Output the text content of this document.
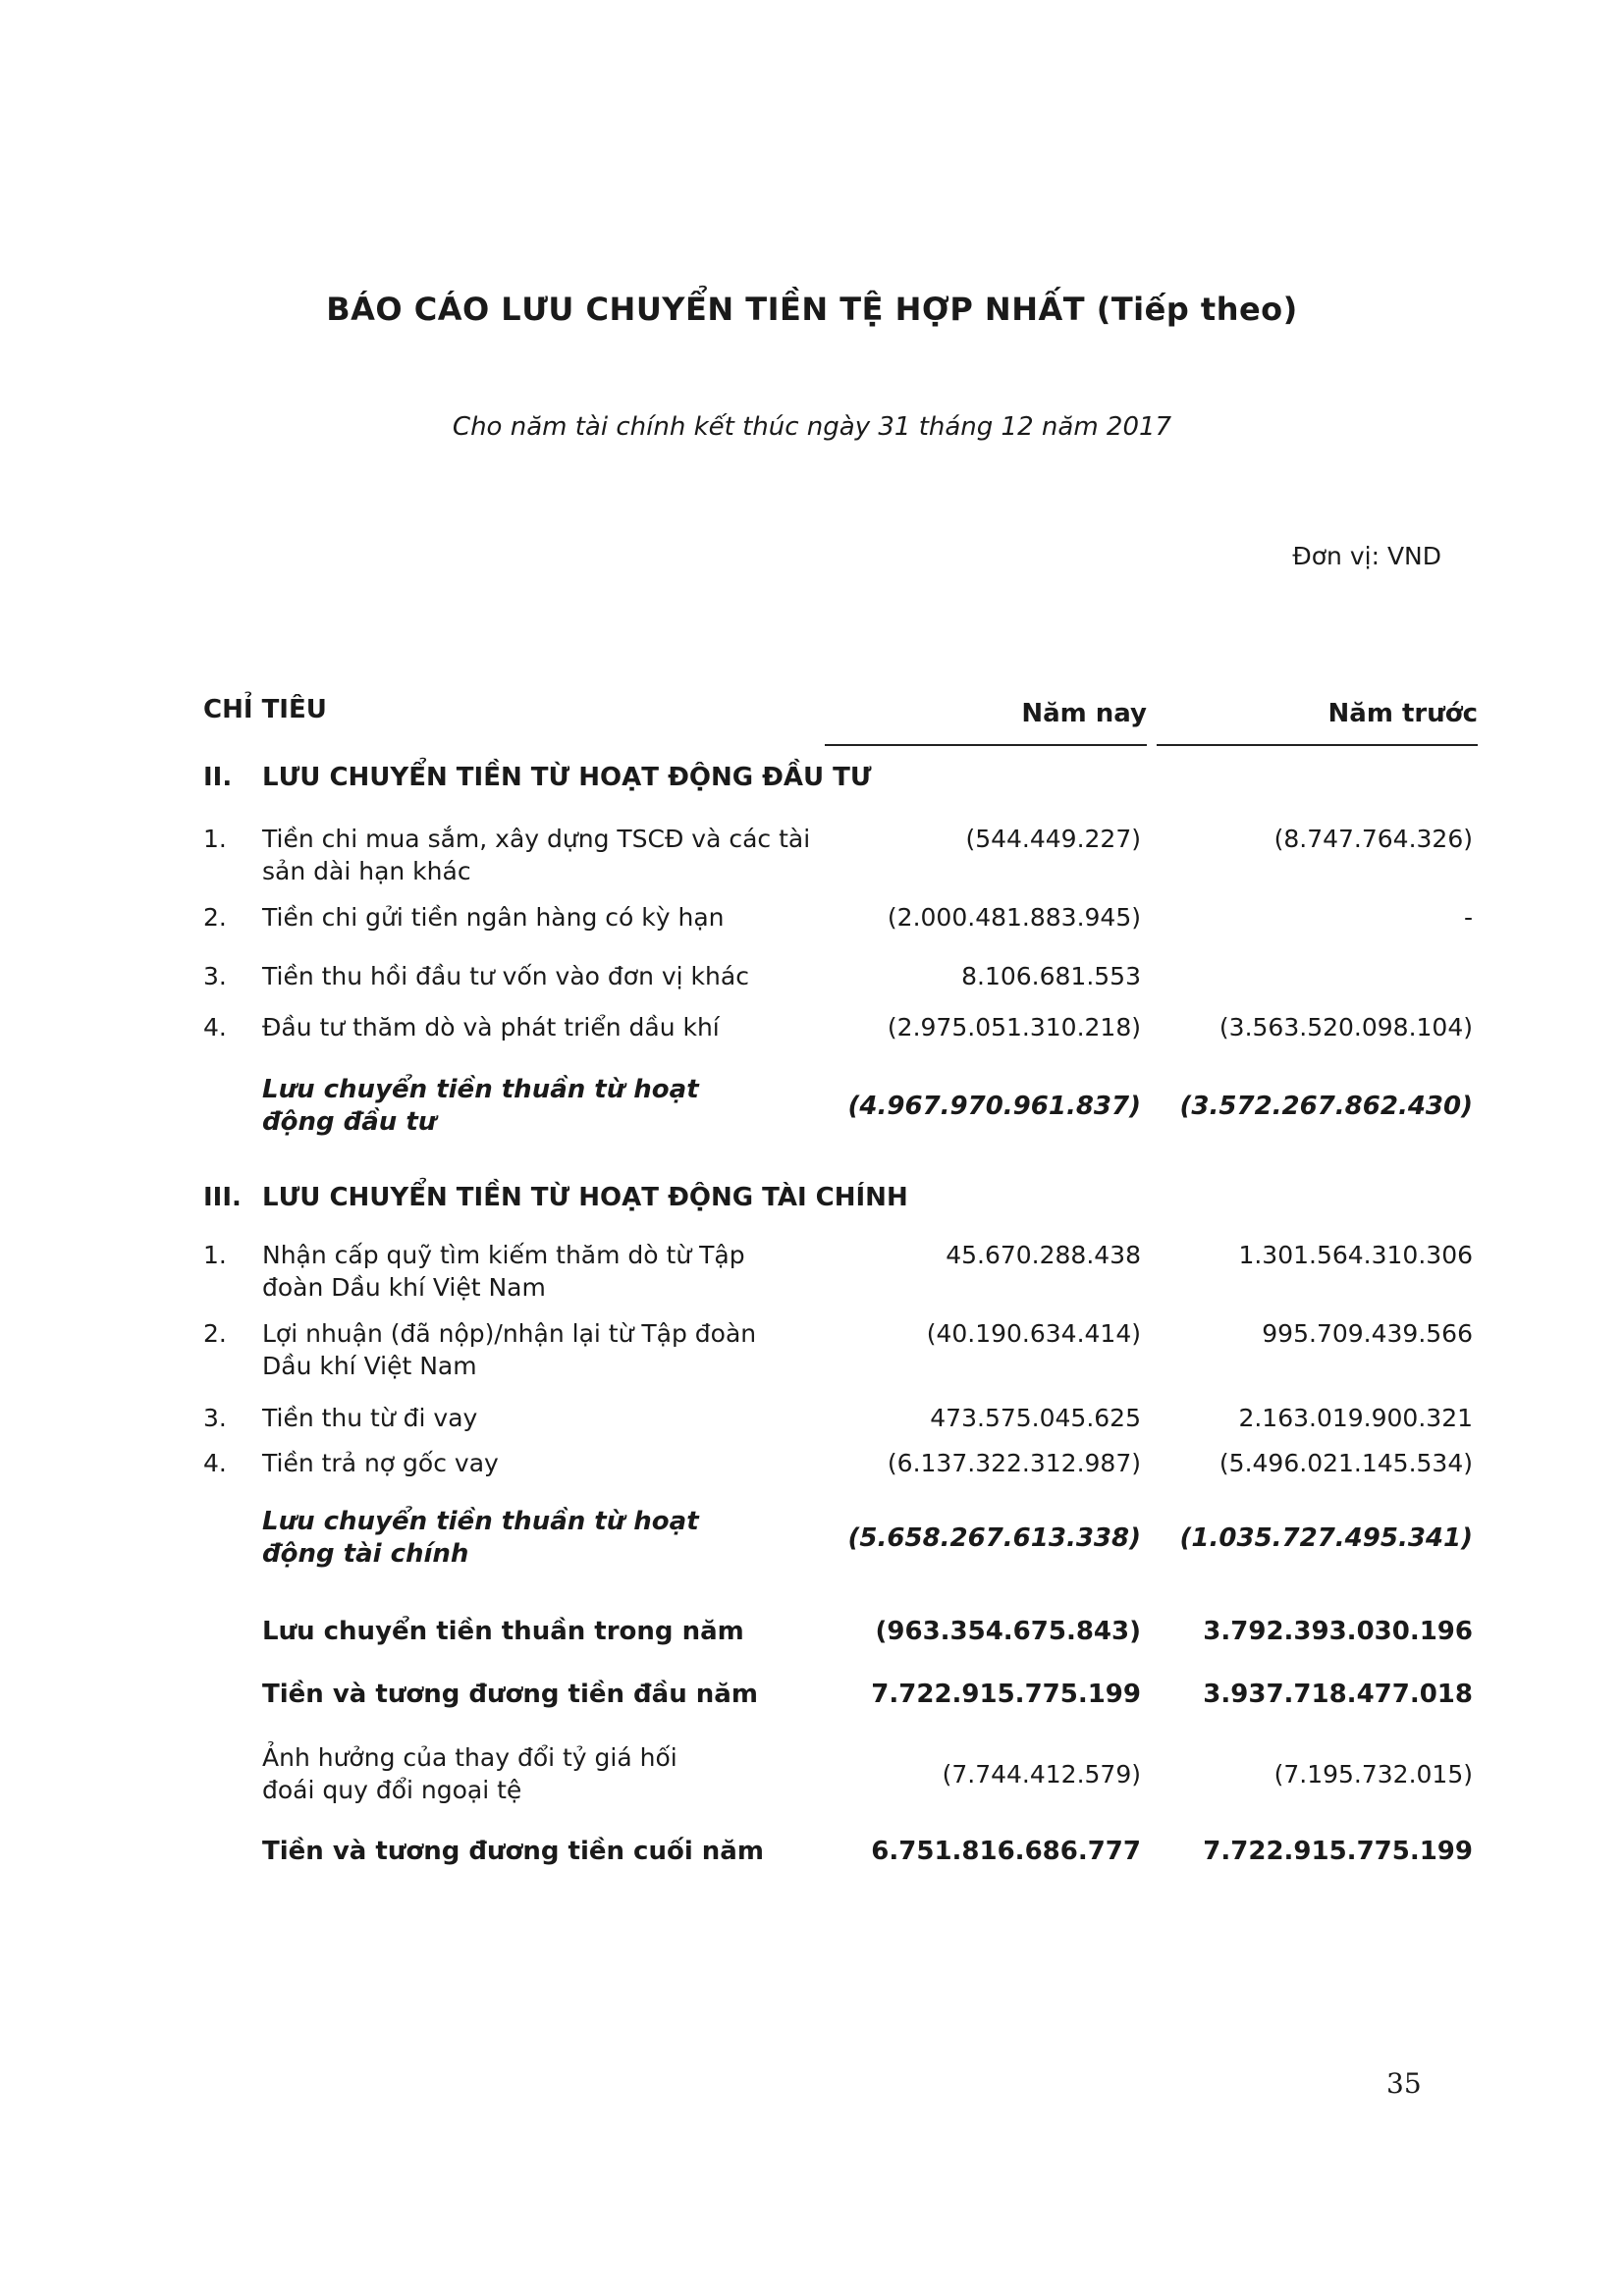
BÁO CÁO LƯU CHUYỂN TIỀN TỆ HỢP NHẤT (Tiếp theo)
Cho năm tài chính kết thúc ngày 31 tháng 12 năm 2017
Đơn vị: VND
CHỈ TIÊU	Năm nay	Năm trước
II. LƯU CHUYỂN TIỀN TỪ HOẠT ĐỘNG ĐẦU TƯ
1. Tiền chi mua sắm, xây dựng TSCĐ và các tài sản dài hạn khác
(544.449.227)	(8.747.764.326)
2. Tiền chi gửi tiền ngân hàng có kỳ hạn	(2.000.481.883.945)	-
3. Tiền thu hồi đầu tư vốn vào đơn vị khác	8.106.681.553
4. Đầu tư thăm dò và phát triển dầu khí	(2.975.051.310.218)	(3.563.520.098.104)
Lưu chuyển tiền thuần từ hoạt động đầu tư
(4.967.970.961.837)	(3.572.267.862.430)
III. LƯU CHUYỂN TIỀN TỪ HOẠT ĐỘNG TÀI CHÍNH
1. Nhận cấp quỹ tìm kiếm thăm dò từ Tập đoàn Dầu khí Việt Nam
45.670.288.438	1.301.564.310.306
2. Lợi nhuận (đã nộp)/nhận lại từ Tập đoàn Dầu khí Việt Nam
(40.190.634.414)	995.709.439.566
3. Tiền thu từ đi vay	473.575.045.625	2.163.019.900.321
4. Tiền trả nợ gốc vay	(6.137.322.312.987)	(5.496.021.145.534)
Lưu chuyển tiền thuần từ hoạt động tài chính
(5.658.267.613.338)	(1.035.727.495.341)
Lưu chuyển tiền thuần trong năm	(963.354.675.843)	3.792.393.030.196
Tiền và tương đương tiền đầu năm	7.722.915.775.199	3.937.718.477.018
Ảnh hưởng của thay đổi tỷ giá hối đoái quy đổi ngoại tệ
(7.744.412.579)	(7.195.732.015)
Tiền và tương đương tiền cuối năm	6.751.816.686.777	7.722.915.775.199
35
